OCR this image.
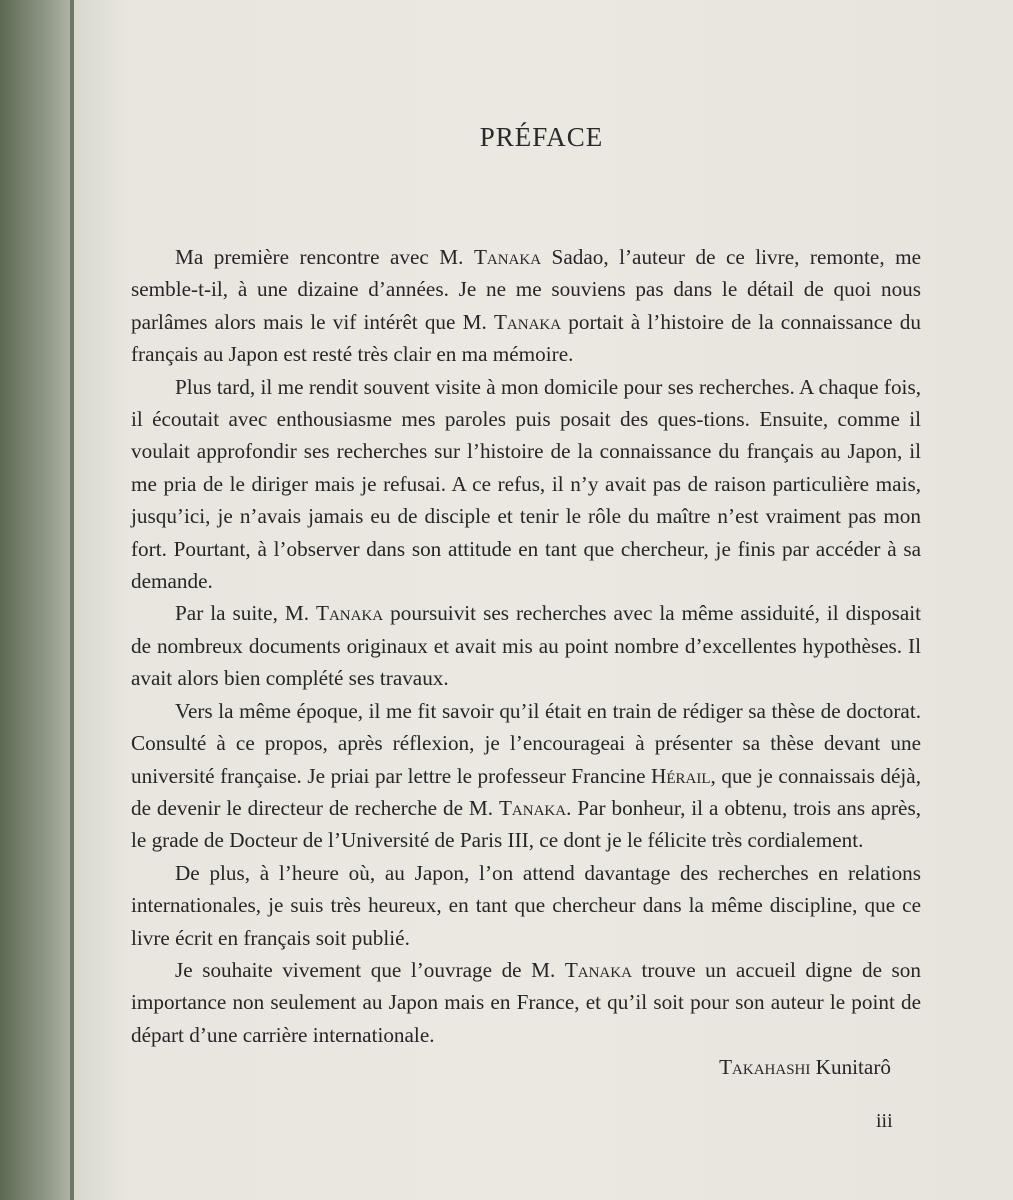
PRÉFACE

Ma première rencontre avec M. Tanaka Sadao, l’auteur de ce livre, remonte, me semble-t-il, à une dizaine d’années. Je ne me souviens pas dans le détail de quoi nous parlâmes alors mais le vif intérêt que M. Tanaka portait à l’histoire de la connaissance du français au Japon est resté très clair en ma mémoire.

Plus tard, il me rendit souvent visite à mon domicile pour ses recherches. A chaque fois, il écoutait avec enthousiasme mes paroles puis posait des ques-tions. Ensuite, comme il voulait approfondir ses recherches sur l’histoire de la connaissance du français au Japon, il me pria de le diriger mais je refusai. A ce refus, il n’y avait pas de raison particulière mais, jusqu’ici, je n’avais jamais eu de disciple et tenir le rôle du maître n’est vraiment pas mon fort. Pourtant, à l’observer dans son attitude en tant que chercheur, je finis par accéder à sa demande.

Par la suite, M. Tanaka poursuivit ses recherches avec la même assiduité, il disposait de nombreux documents originaux et avait mis au point nombre d’excellentes hypothèses. Il avait alors bien complété ses travaux.

Vers la même époque, il me fit savoir qu’il était en train de rédiger sa thèse de doctorat. Consulté à ce propos, après réflexion, je l’encourageai à présenter sa thèse devant une université française. Je priai par lettre le professeur Francine Hérail, que je connaissais déjà, de devenir le directeur de recherche de M. Tanaka. Par bonheur, il a obtenu, trois ans après, le grade de Docteur de l’Université de Paris III, ce dont je le félicite très cordialement.

De plus, à l’heure où, au Japon, l’on attend davantage des recherches en relations internationales, je suis très heureux, en tant que chercheur dans la même discipline, que ce livre écrit en français soit publié.

Je souhaite vivement que l’ouvrage de M. Tanaka trouve un accueil digne de son importance non seulement au Japon mais en France, et qu’il soit pour son auteur le point de départ d’une carrière internationale.

Takahashi Kunitarô

iii
